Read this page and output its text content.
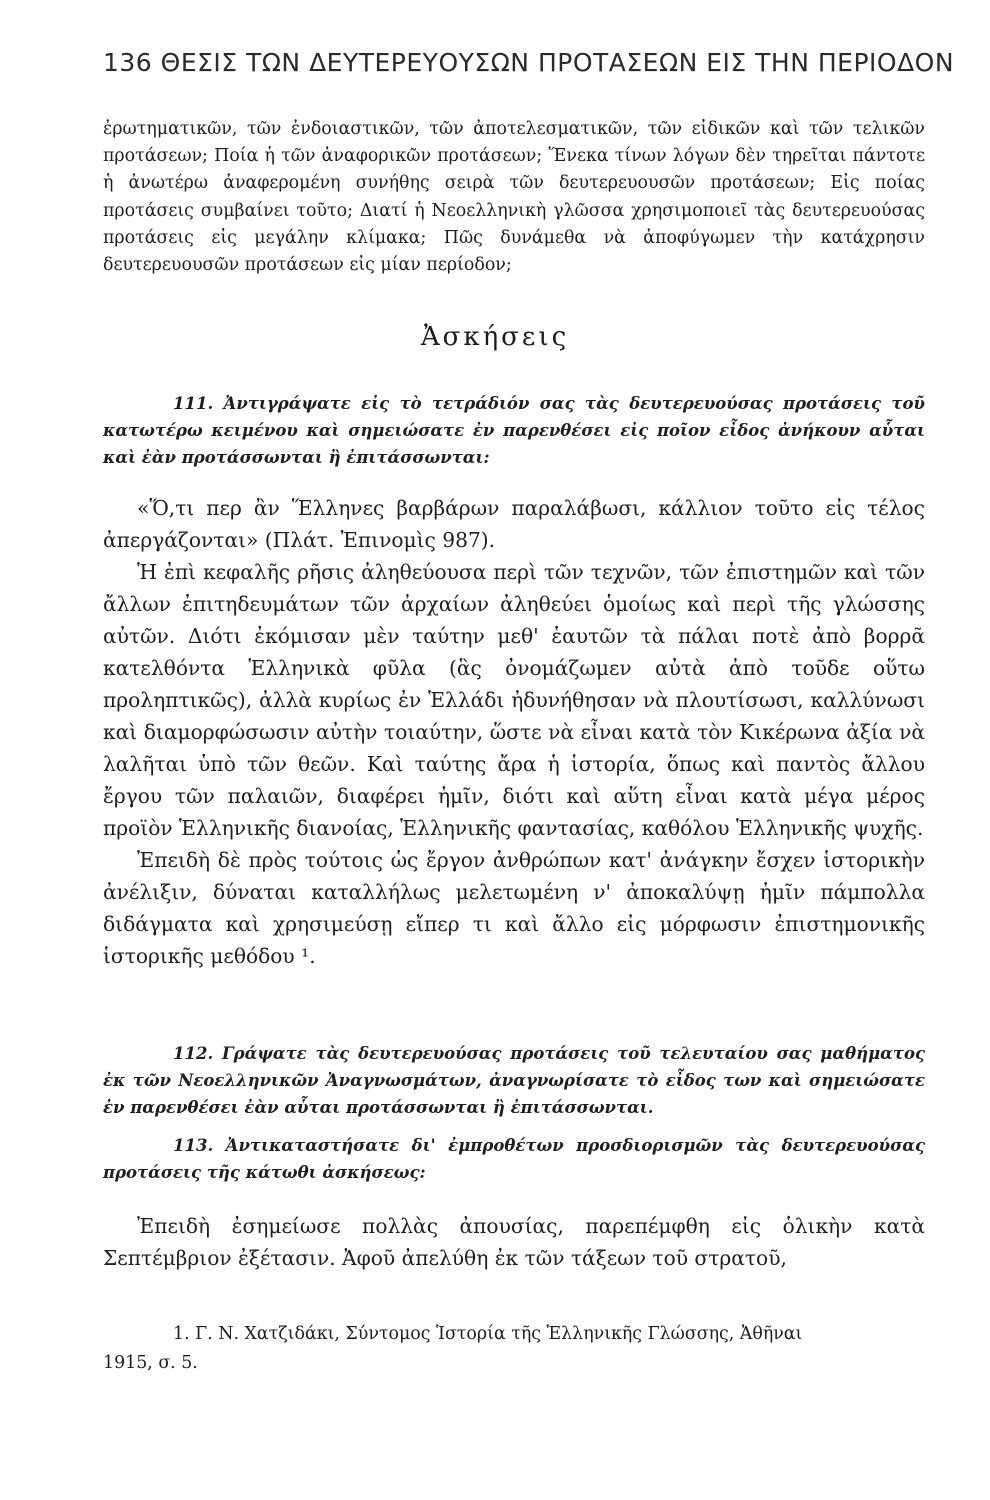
136 ΘΕΣΙΣ ΤΩΝ ΔΕΥΤΕΡΕΥΟΥΣΩΝ ΠΡΟΤΑΣΕΩΝ ΕΙΣ ΤΗΝ ΠΕΡΙΟΔΟΝ

ἐρωτηματικῶν, τῶν ἐνδοιαστικῶν, τῶν ἀποτελεσματικῶν, τῶν εἰδικῶν καὶ τῶν τελικῶν προτάσεων; Ποία ἡ τῶν ἀναφορικῶν προτάσεων; Ἕνεκα τίνων λόγων δὲν τηρεῖται πάντοτε ἡ ἀνωτέρω ἀναφερομένη συνήθης σειρὰ τῶν δευτερευουσῶν προτάσεων; Εἰς ποίας προτάσεις συμβαίνει τοῦτο; Διατί ἡ Νεοελληνικὴ γλῶσσα χρησιμοποιεῖ τὰς δευτερευούσας προτάσεις εἰς μεγάλην κλίμακα; Πῶς δυνάμεθα νὰ ἀποφύγωμεν τὴν κατάχρησιν δευτερευουσῶν προτάσεων εἰς μίαν περίοδον;

Ἀσκήσεις

111. Ἀντιγράψατε εἰς τὸ τετράδιόν σας τὰς δευτερευούσας προτάσεις τοῦ κατωτέρω κειμένου καὶ σημειώσατε ἐν παρενθέσει εἰς ποῖον εἶδος ἀνήκουν αὗται καὶ ἐὰν προτάσσωνται ἢ ἐπιτάσσωνται:

«Ὅ,τι περ ἂν Ἕλληνες βαρβάρων παραλάβωσι, κάλλιον τοῦτο εἰς τέλος ἀπεργάζονται» (Πλάτ. Ἐπινομὶς 987).

Ἡ ἐπὶ κεφαλῆς ρῆσις ἀληθεύουσα περὶ τῶν τεχνῶν, τῶν ἐπιστημῶν καὶ τῶν ἄλλων ἐπιτηδευμάτων τῶν ἀρχαίων ἀληθεύει ὁμοίως καὶ περὶ τῆς γλώσσης αὐτῶν. Διότι ἐκόμισαν μὲν ταύτην μεθ' ἑαυτῶν τὰ πάλαι ποτὲ ἀπὸ βορρᾶ κατελθόντα Ἑλληνικὰ φῦλα (ἃς ὀνομάζωμεν αὐτὰ ἀπὸ τοῦδε οὕτω προληπτικῶς), ἀλλὰ κυρίως ἐν Ἑλλάδι ἠδυνήθησαν νὰ πλουτίσωσι, καλλύνωσι καὶ διαμορφώσωσιν αὐτὴν τοιαύτην, ὥστε νὰ εἶναι κατὰ τὸν Κικέρωνα ἀξία νὰ λαλῆται ὑπὸ τῶν θεῶν. Καὶ ταύτης ἄρα ἡ ἱστορία, ὅπως καὶ παντὸς ἄλλου ἔργου τῶν παλαιῶν, διαφέρει ἡμῖν, διότι καὶ αὕτη εἶναι κατὰ μέγα μέρος προϊὸν Ἑλληνικῆς διανοίας, Ἑλληνικῆς φαντασίας, καθόλου Ἑλληνικῆς ψυχῆς.

Ἐπειδὴ δὲ πρὸς τούτοις ὡς ἔργον ἀνθρώπων κατ' ἀνάγκην ἔσχεν ἱστορικὴν ἀνέλιξιν, δύναται καταλλήλως μελετωμένη ν' ἀποκαλύψῃ ἡμῖν πάμπολλα διδάγματα καὶ χρησιμεύσῃ εἴπερ τι καὶ ἄλλο εἰς μόρφωσιν ἐπιστημονικῆς ἱστορικῆς μεθόδου ¹.

112. Γράψατε τὰς δευτερευούσας προτάσεις τοῦ τελευταίου σας μαθήματος ἐκ τῶν Νεοελληνικῶν Ἀναγνωσμάτων, ἀναγνωρίσατε τὸ εἶδος των καὶ σημειώσατε ἐν παρενθέσει ἐὰν αὗται προτάσσωνται ἢ ἐπιτάσσωνται.

113. Ἀντικαταστήσατε δι' ἐμπροθέτων προσδιορισμῶν τὰς δευτερευούσας προτάσεις τῆς κάτωθι ἀσκήσεως:

Ἐπειδὴ ἐσημείωσε πολλὰς ἀπουσίας, παρεπέμφθη εἰς ὁλικὴν κατὰ Σεπτέμβριον ἐξέτασιν. Ἀφοῦ ἀπελύθη ἐκ τῶν τάξεων τοῦ στρατοῦ,

1. Γ. Ν. Χατζιδάκι, Σύντομος Ἱστορία τῆς Ἑλληνικῆς Γλώσσης, Ἀθῆναι
1915, σ. 5.
